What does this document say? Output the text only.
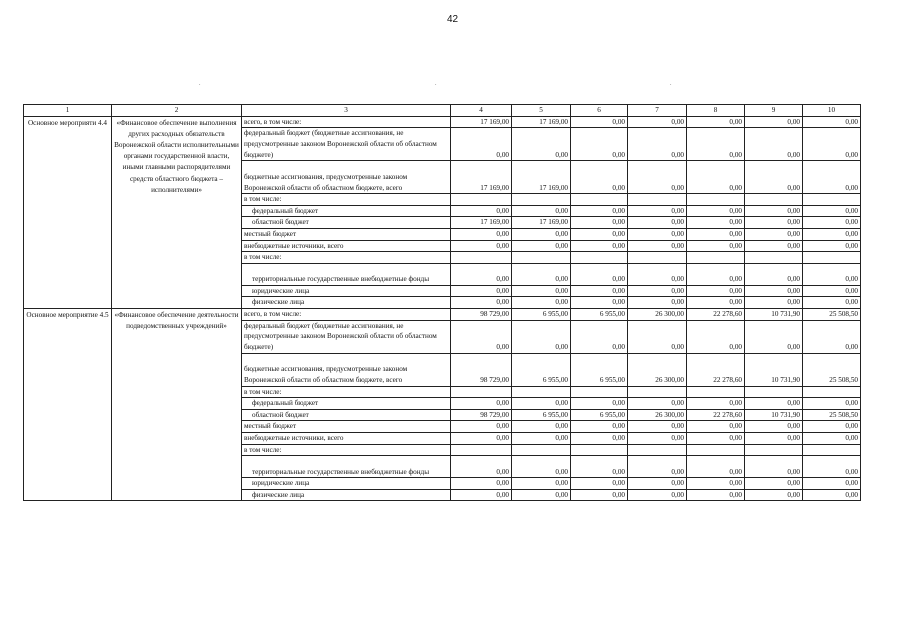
42
.	.	.
1	2	3	4	5	6	7	8	9	10
Основное мероприяти 4.4	«Финансовое обеспечение выполнения других расходных обязательств Воронежской области исполнительными органами государственной власти, иными главными распорядителями средств областного бюджета – исполнителями»	всего, в том числе:	17 169,00	17 169,00	0,00	0,00	0,00	0,00	0,00
		федеральный бюджет (бюджетные ассигнования, не предусмотренные законом Воронежской области об областном бюджете)	0,00	0,00	0,00	0,00	0,00	0,00	0,00
		бюджетные ассигнования, предусмотренные законом Воронежской области об областном бюджете, всего	17 169,00	17 169,00	0,00	0,00	0,00	0,00	0,00
		в том числе:							
		федеральный бюджет	0,00	0,00	0,00	0,00	0,00	0,00	0,00
		областной бюджет	17 169,00	17 169,00	0,00	0,00	0,00	0,00	0,00
		местный бюджет	0,00	0,00	0,00	0,00	0,00	0,00	0,00
		внебюджетные источники, всего	0,00	0,00	0,00	0,00	0,00	0,00	0,00
		в том числе:							
		территориальные государственные внебюджетные фонды	0,00	0,00	0,00	0,00	0,00	0,00	0,00
		юридические лица	0,00	0,00	0,00	0,00	0,00	0,00	0,00
		физические лица	0,00	0,00	0,00	0,00	0,00	0,00	0,00
Основное мероприятие 4.5	«Финансовое обеспечение деятельности подведомственных учреждений»	всего, в том числе:	98 729,00	6 955,00	6 955,00	26 300,00	22 278,60	10 731,90	25 508,50
		федеральный бюджет (бюджетные ассигнования, не предусмотренные законом Воронежской области об областном бюджете)	0,00	0,00	0,00	0,00	0,00	0,00	0,00
		бюджетные ассигнования, предусмотренные законом Воронежской области об областном бюджете, всего	98 729,00	6 955,00	6 955,00	26 300,00	22 278,60	10 731,90	25 508,50
		в том числе:							
		федеральный бюджет	0,00	0,00	0,00	0,00	0,00	0,00	0,00
		областной бюджет	98 729,00	6 955,00	6 955,00	26 300,00	22 278,60	10 731,90	25 508,50
		местный бюджет	0,00	0,00	0,00	0,00	0,00	0,00	0,00
		внебюджетные источники, всего	0,00	0,00	0,00	0,00	0,00	0,00	0,00
		в том числе:							
		территориальные государственные внебюджетные фонды	0,00	0,00	0,00	0,00	0,00	0,00	0,00
		юридические лица	0,00	0,00	0,00	0,00	0,00	0,00	0,00
		физические лица	0,00	0,00	0,00	0,00	0,00	0,00	0,00
